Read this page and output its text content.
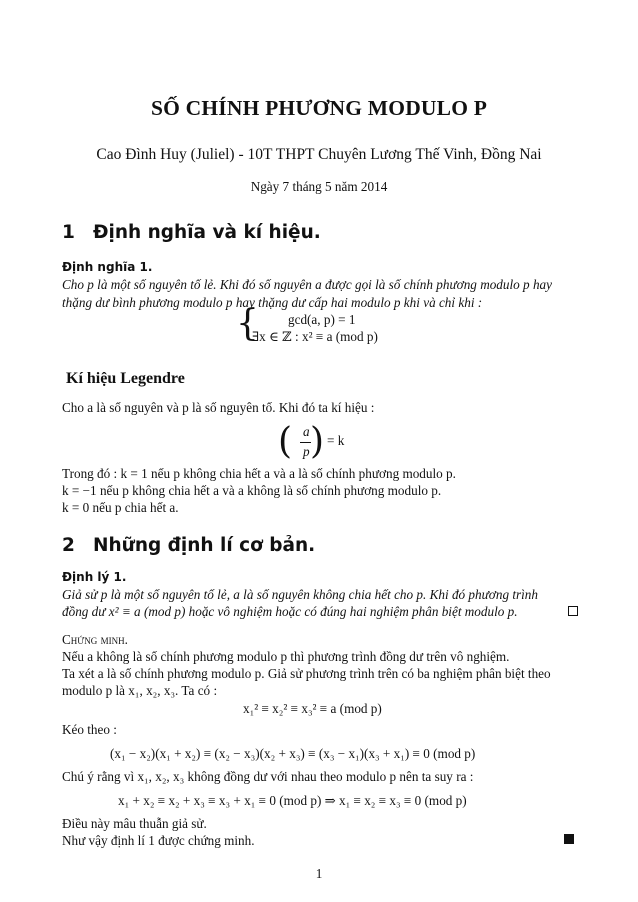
SỐ CHÍNH PHƯƠNG MODULO P
Cao Đình Huy (Juliel) - 10T THPT Chuyên Lương Thế Vinh, Đồng Nai
Ngày 7 tháng 5 năm 2014
1 Định nghĩa và kí hiệu.
Định nghĩa 1.
Cho p là một số nguyên tố lẻ. Khi đó số nguyên a được gọi là số chính phương modulo p hay
thặng dư bình phương modulo p hay thặng dư cấp hai modulo p khi và chỉ khi :
{ gcd(a, p) = 1
∃x ∈ ℤ : x² ≡ a (mod p)
Kí hiệu Legendre
Cho a là số nguyên và p là số nguyên tố. Khi đó ta kí hiệu :
( a
p ) = k
Trong đó : k = 1 nếu p không chia hết a và a là số chính phương modulo p.
k = −1 nếu p không chia hết a và a không là số chính phương modulo p.
k = 0 nếu p chia hết a.
2 Những định lí cơ bản.
Định lý 1.
Giả sử p là một số nguyên tố lẻ, a là số nguyên không chia hết cho p. Khi đó phương trình
đồng dư x² ≡ a (mod p) hoặc vô nghiệm hoặc có đúng hai nghiệm phân biệt modulo p.
Chứng minh.
Nếu a không là số chính phương modulo p thì phương trình đồng dư trên vô nghiệm.
Ta xét a là số chính phương modulo p. Giả sử phương trình trên có ba nghiệm phân biệt theo
modulo p là x₁, x₂, x₃. Ta có :
x₁² ≡ x₂² ≡ x₃² ≡ a (mod p)
Kéo theo :
(x₁ − x₂)(x₁ + x₂) ≡ (x₂ − x₃)(x₂ + x₃) ≡ (x₃ − x₁)(x₃ + x₁) ≡ 0 (mod p)
Chú ý rằng vì x₁, x₂, x₃ không đồng dư với nhau theo modulo p nên ta suy ra :
x₁ + x₂ ≡ x₂ + x₃ ≡ x₃ + x₁ ≡ 0 (mod p) ⇒ x₁ ≡ x₂ ≡ x₃ ≡ 0 (mod p)
Điều này mâu thuẫn giả sử.
Như vậy định lí 1 được chứng minh.
1
